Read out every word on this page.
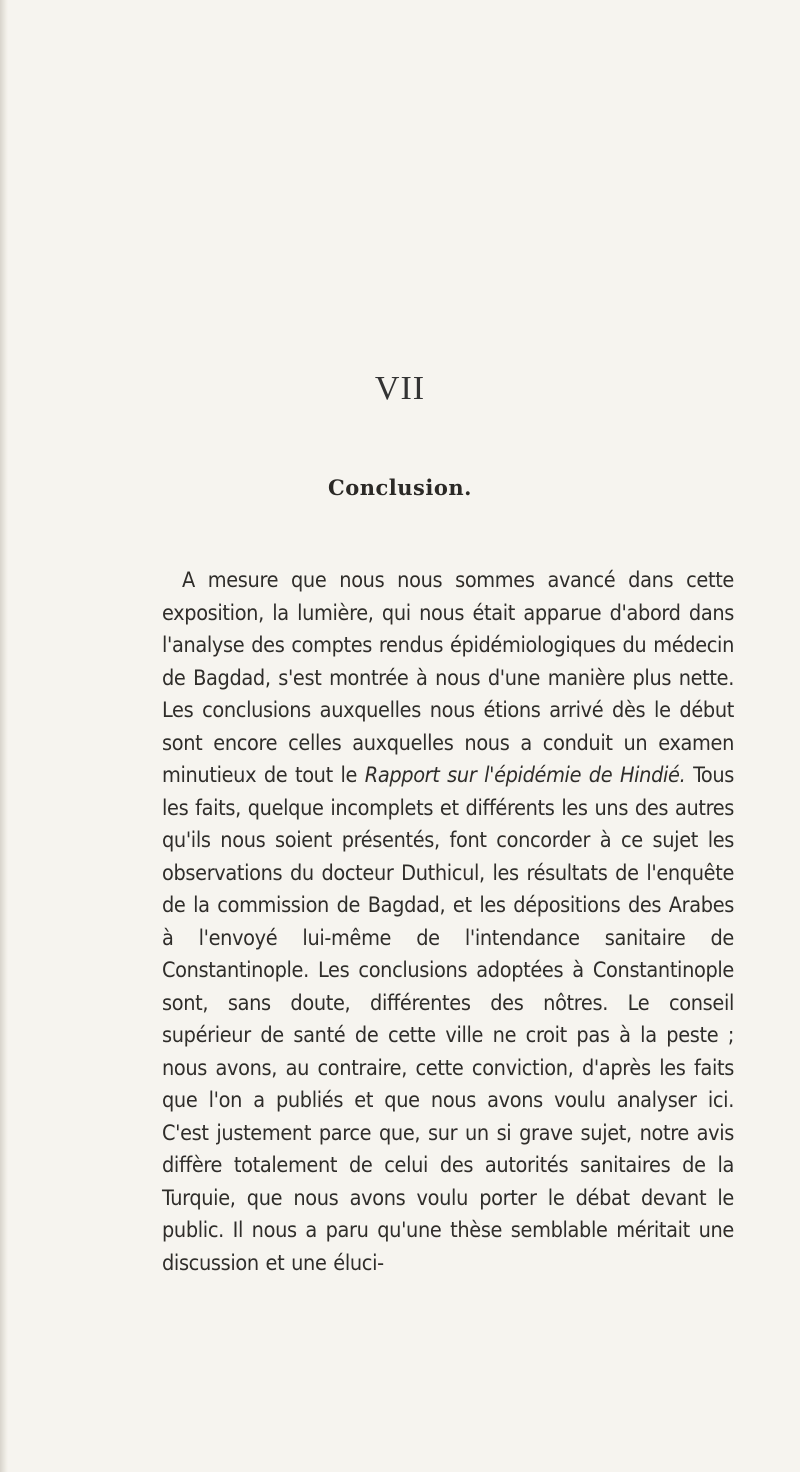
VII
Conclusion.

A mesure que nous nous sommes avancé dans cette exposition, la lumière, qui nous était apparue d'abord dans l'analyse des comptes rendus épidémiologiques du médecin de Bagdad, s'est montrée à nous d'une manière plus nette. Les conclusions auxquelles nous étions arrivé dès le début sont encore celles auxquelles nous a conduit un examen minutieux de tout le Rapport sur l'épidémie de Hindié. Tous les faits, quelque incomplets et différents les uns des autres qu'ils nous soient présentés, font concorder à ce sujet les observations du docteur Duthicul, les résultats de l'enquête de la commission de Bagdad, et les dépositions des Arabes à l'envoyé lui-même de l'intendance sanitaire de Constantinople. Les conclusions adoptées à Constantinople sont, sans doute, différentes des nôtres. Le conseil supérieur de santé de cette ville ne croit pas à la peste ; nous avons, au contraire, cette conviction, d'après les faits que l'on a publiés et que nous avons voulu analyser ici. C'est justement parce que, sur un si grave sujet, notre avis diffère totalement de celui des autorités sanitaires de la Turquie, que nous avons voulu porter le débat devant le public. Il nous a paru qu'une thèse semblable méritait une discussion et une éluci-
